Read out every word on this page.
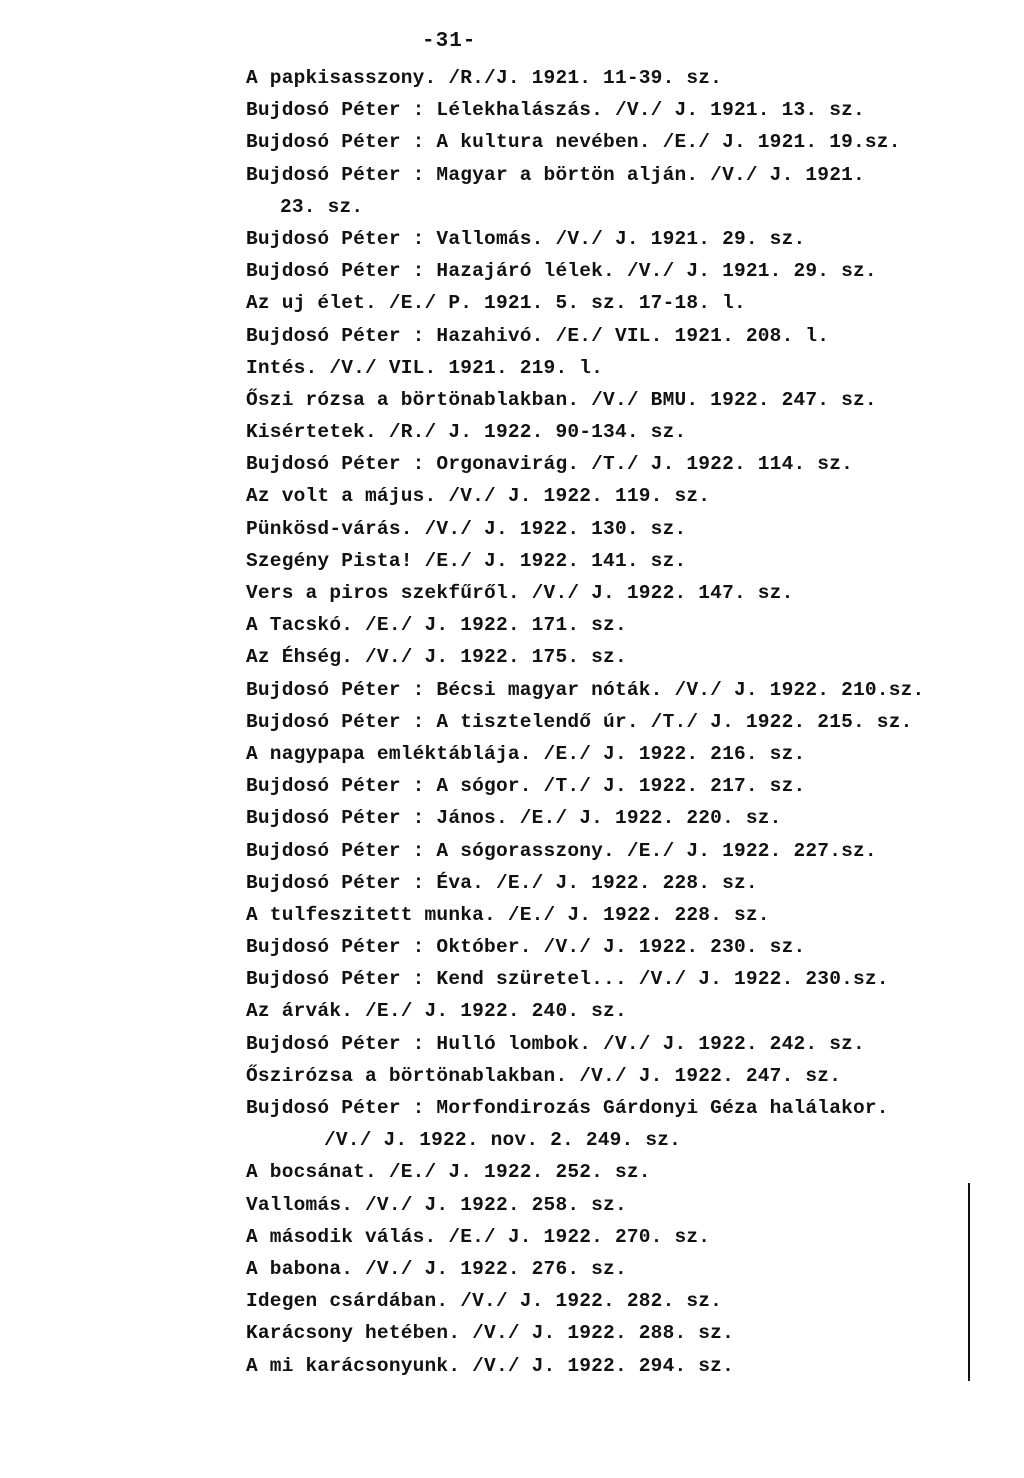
-31-
A papkisasszony. /R./J. 1921. 11-39. sz.
Bujdosó Péter : Lélekhalászás. /V./ J. 1921. 13. sz.
Bujdosó Péter : A kultura nevében. /E./ J. 1921. 19.sz.
Bujdosó Péter : Magyar a börtön alján. /V./ J. 1921.
23. sz.
Bujdosó Péter : Vallomás. /V./ J. 1921. 29. sz.
Bujdosó Péter : Hazajáró lélek. /V./ J. 1921. 29. sz.
Az uj élet. /E./ P. 1921. 5. sz. 17-18. l.
Bujdosó Péter : Hazahivó. /E./ VIL. 1921. 208. l.
Intés. /V./ VIL. 1921. 219. l.
Őszi rózsa a börtönablakban. /V./ BMU. 1922. 247. sz.
Kisértetek. /R./ J. 1922. 90-134. sz.
Bujdosó Péter : Orgonavirág. /T./ J. 1922. 114. sz.
Az volt a május. /V./ J. 1922. 119. sz.
Pünkösd-várás. /V./ J. 1922. 130. sz.
Szegény Pista! /E./ J. 1922. 141. sz.
Vers a piros szekfűről. /V./ J. 1922. 147. sz.
A Tacskó. /E./ J. 1922. 171. sz.
Az Éhség. /V./ J. 1922. 175. sz.
Bujdosó Péter : Bécsi magyar nóták. /V./ J. 1922. 210.sz.
Bujdosó Péter : A tisztelendő úr. /T./ J. 1922. 215. sz.
A nagypapa emléktáblája. /E./ J. 1922. 216. sz.
Bujdosó Péter : A sógor. /T./ J. 1922. 217. sz.
Bujdosó Péter : János. /E./ J. 1922. 220. sz.
Bujdosó Péter : A sógorasszony. /E./ J. 1922. 227.sz.
Bujdosó Péter : Éva. /E./ J. 1922. 228. sz.
A tulfeszitett munka. /E./ J. 1922. 228. sz.
Bujdosó Péter : Október. /V./ J. 1922. 230. sz.
Bujdosó Péter : Kend szüretel... /V./ J. 1922. 230.sz.
Az árvák. /E./ J. 1922. 240. sz.
Bujdosó Péter : Hulló lombok. /V./ J. 1922. 242. sz.
Őszirózsa a börtönablakban. /V./ J. 1922. 247. sz.
Bujdosó Péter : Morfondirozás Gárdonyi Géza halálakor.
/V./ J. 1922. nov. 2. 249. sz.
A bocsánat. /E./ J. 1922. 252. sz.
Vallomás. /V./ J. 1922. 258. sz.
A második válás. /E./ J. 1922. 270. sz.
A babona. /V./ J. 1922. 276. sz.
Idegen csárdában. /V./ J. 1922. 282. sz.
Karácsony hetében. /V./ J. 1922. 288. sz.
A mi karácsonyunk. /V./ J. 1922. 294. sz.
